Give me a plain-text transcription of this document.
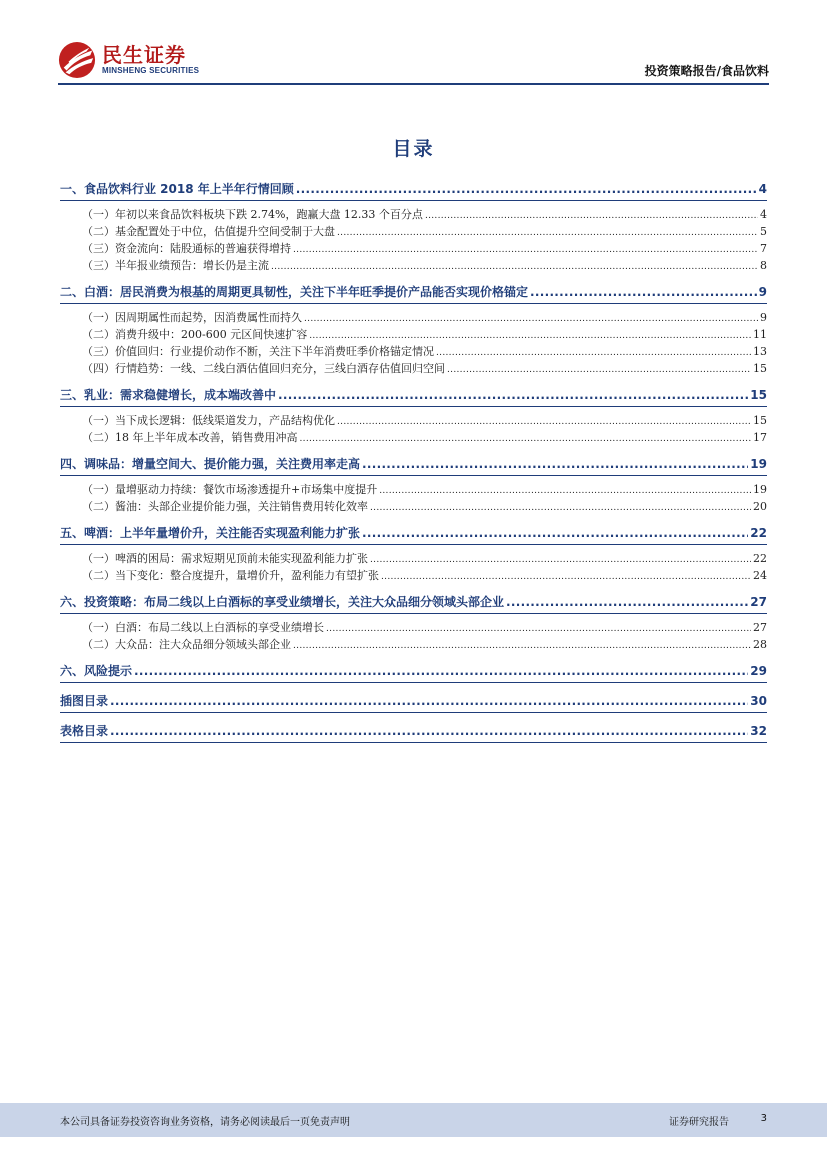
民生证券
MINSHENG SECURITIES	投资策略报告/食品饮料
目录
一、食品饮料行业 2018 年上半年行情回顾 .....	4
（一）年初以来食品饮料板块下跌 2.74%，跑赢大盘 12.33 个百分点 .....	4
（二）基金配置处于中位，估值提升空间受制于大盘 .....	5
（三）资金流向：陆股通标的普遍获得增持 .....	7
（三）半年报业绩预告：增长仍是主流 .....	8
二、白酒：居民消费为根基的周期更具韧性，关注下半年旺季提价产品能否实现价格锚定 .....	9
（一）因周期属性而起势，因消费属性而持久 .....	9
（二）消费升级中：200-600 元区间快速扩容 .....	11
（三）价值回归：行业提价动作不断，关注下半年消费旺季价格锚定情况 .....	13
（四）行情趋势：一线、二线白酒估值回归充分，三线白酒存估值回归空间 .....	15
三、乳业：需求稳健增长，成本端改善中 .....	15
（一）当下成长逻辑：低线渠道发力，产品结构优化 .....	15
（二）18 年上半年成本改善，销售费用冲高 .....	17
四、调味品：增量空间大、提价能力强，关注费用率走高 .....	19
（一）量增驱动力持续：餐饮市场渗透提升+市场集中度提升 .....	19
（二）酱油：头部企业提价能力强，关注销售费用转化效率 .....	20
五、啤酒：上半年量增价升，关注能否实现盈利能力扩张 .....	22
（一）啤酒的困局：需求短期见顶前未能实现盈利能力扩张 .....	22
（二）当下变化：整合度提升，量增价升，盈利能力有望扩张 .....	24
六、投资策略：布局二线以上白酒标的享受业绩增长，关注大众品细分领域头部企业 .....	27
（一）白酒：布局二线以上白酒标的享受业绩增长 .....	27
（二）大众品：注大众品细分领域头部企业 .....	28
六、风险提示 .....	29
插图目录 .....	30
表格目录 .....	32
本公司具备证券投资咨询业务资格，请务必阅读最后一页免责声明	证券研究报告	3
